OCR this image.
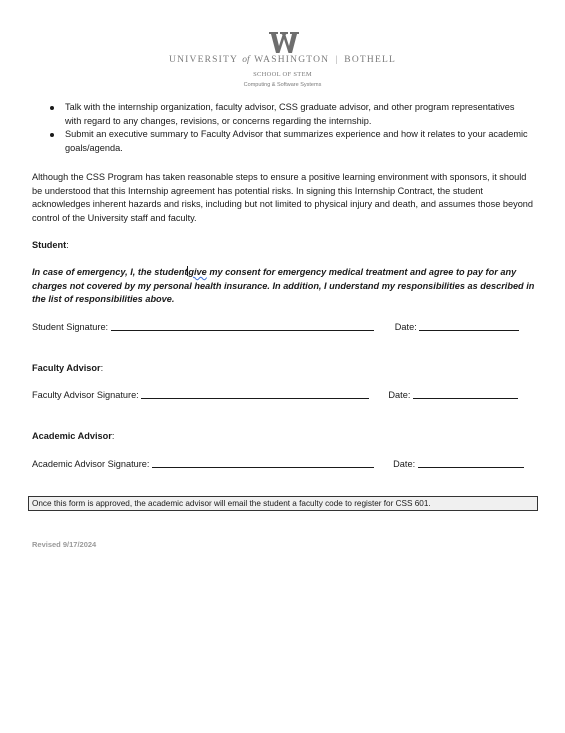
UNIVERSITY of WASHINGTON | BOTHELL
SCHOOL OF STEM
Computing & Software Systems
Talk with the internship organization, faculty advisor, CSS graduate advisor, and other program representatives with regard to any changes, revisions, or concerns regarding the internship.
Submit an executive summary to Faculty Advisor that summarizes experience and how it relates to your academic goals/agenda.
Although the CSS Program has taken reasonable steps to ensure a positive learning environment with sponsors, it should be understood that this Internship agreement has potential risks. In signing this Internship Contract, the student acknowledges inherent hazards and risks, including but not limited to physical injury and death, and assumes those beyond control of the University staff and faculty.
Student:
In case of emergency, I, the studentgive my consent for emergency medical treatment and agree to pay for any charges not covered by my personal health insurance. In addition, I understand my responsibilities as described in the list of responsibilities above.
Student Signature:	Date:
Faculty Advisor:
Faculty Advisor Signature:	Date:
Academic Advisor:
Academic Advisor Signature:	Date:
Once this form is approved, the academic advisor will email the student a faculty code to register for CSS 601.
Revised 9/17/2024
